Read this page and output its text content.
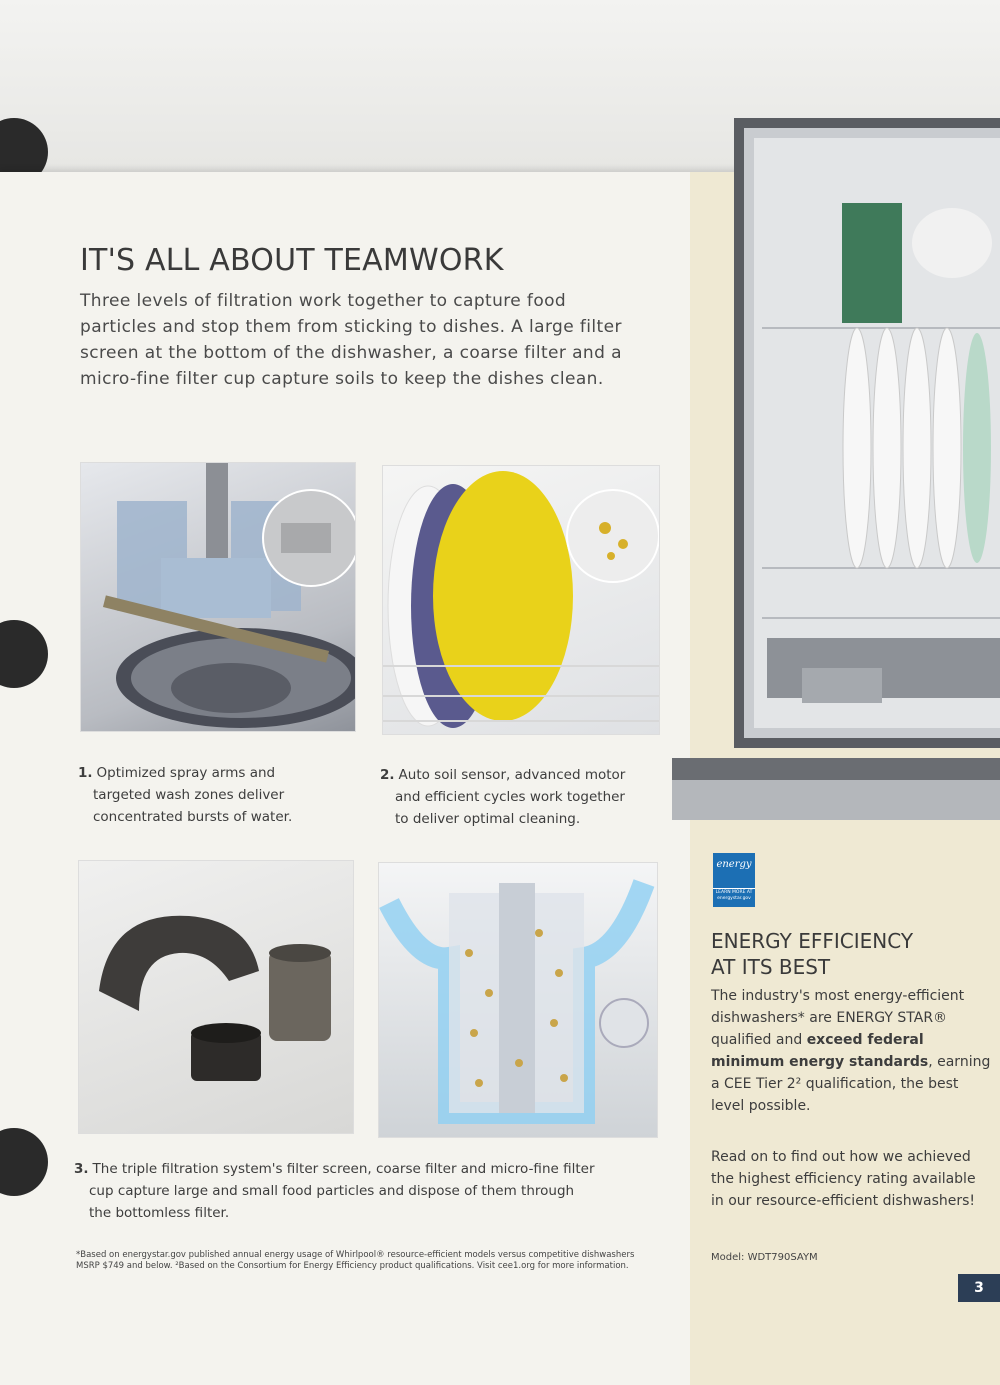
IT'S ALL ABOUT TEAMWORK

Three levels of filtration work together to capture food particles and stop them from sticking to dishes. A large filter screen at the bottom of the dishwasher, a coarse filter and a micro-fine filter cup capture soils to keep the dishes clean.

1. Optimized spray arms and
targeted wash zones deliver
concentrated bursts of water.

2. Auto soil sensor, advanced motor
and efficient cycles work together
to deliver optimal cleaning.

3. The triple filtration system's filter screen, coarse filter and micro-fine filter
cup capture large and small food particles and dispose of them through
the bottomless filter.

*Based on energystar.gov published annual energy usage of Whirlpool® resource-efficient models versus competitive dishwashers MSRP $749 and below. ²Based on the Consortium for Energy Efficiency product qualifications. Visit cee1.org for more information.

energy
LEARN MORE AT energystar.gov
ENERGY EFFICIENCY
AT ITS BEST

The industry's most energy-efficient dishwashers* are ENERGY STAR® qualified and exceed federal minimum energy standards, earning a CEE Tier 2² qualification, the best level possible.

Read on to find out how we achieved the highest efficiency rating available in our resource-efficient dishwashers!

Model: WDT790SAYM
3
